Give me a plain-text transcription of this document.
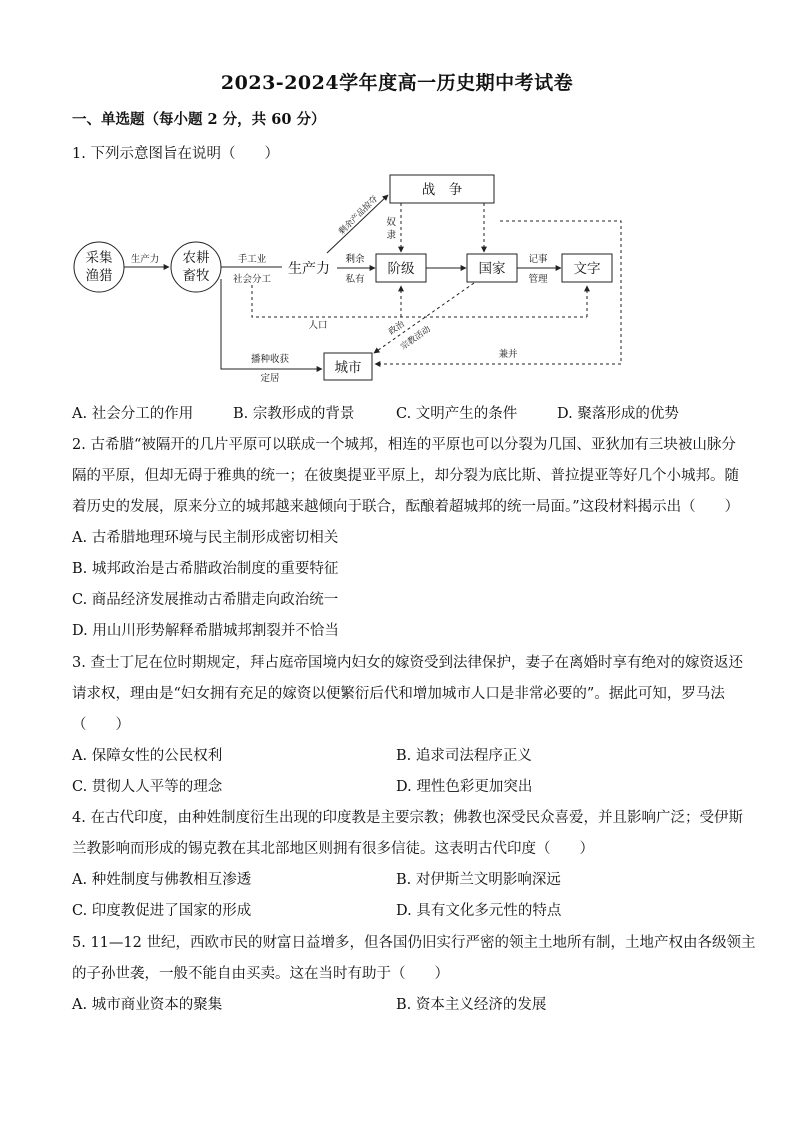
2023-2024学年度高一历史期中考试卷
一、单选题（每小题 2 分，共 60 分）
1. 下列示意图旨在说明（　　）
采集
渔猎
农耕
畜牧
生产力	手工业
社会分工
生产力
剩余
私有
阶级	国家
记事
管理
文字
战　争
剩余产品掠夺 奴
隶
兼并
人口	政治
宗教活动
播种收获
定居
城市
A. 社会分工的作用	B. 宗教形成的背景	C. 文明产生的条件	D. 聚落形成的优势
2. 古希腊“被隔开的几片平原可以联成一个城邦，相连的平原也可以分裂为几国、亚狄加有三块被山脉分
隔的平原，但却无碍于雅典的统一；在彼奥提亚平原上，却分裂为底比斯、普拉提亚等好几个小城邦。随
着历史的发展，原来分立的城邦越来越倾向于联合，酝酿着超城邦的统一局面。”这段材料揭示出（　　）
A. 古希腊地理环境与民主制形成密切相关
B. 城邦政治是古希腊政治制度的重要特征
C. 商品经济发展推动古希腊走向政治统一
D. 用山川形势解释希腊城邦割裂并不恰当
3. 查士丁尼在位时期规定，拜占庭帝国境内妇女的嫁资受到法律保护，妻子在离婚时享有绝对的嫁资返还
请求权，理由是“妇女拥有充足的嫁资以便繁衍后代和增加城市人口是非常必要的”。据此可知，罗马法
（　　）
A. 保障女性的公民权利	B. 追求司法程序正义
C. 贯彻人人平等的理念	D. 理性色彩更加突出
4. 在古代印度，由种姓制度衍生出现的印度教是主要宗教；佛教也深受民众喜爱，并且影响广泛；受伊斯
兰教影响而形成的锡克教在其北部地区则拥有很多信徒。这表明古代印度（　　）
A. 种姓制度与佛教相互渗透	B. 对伊斯兰文明影响深远
C. 印度教促进了国家的形成	D. 具有文化多元性的特点
5. 11—12 世纪，西欧市民的财富日益增多，但各国仍旧实行严密的领主土地所有制，土地产权由各级领主
的子孙世袭，一般不能自由买卖。这在当时有助于（　　）
A. 城市商业资本的聚集	B. 资本主义经济的发展
